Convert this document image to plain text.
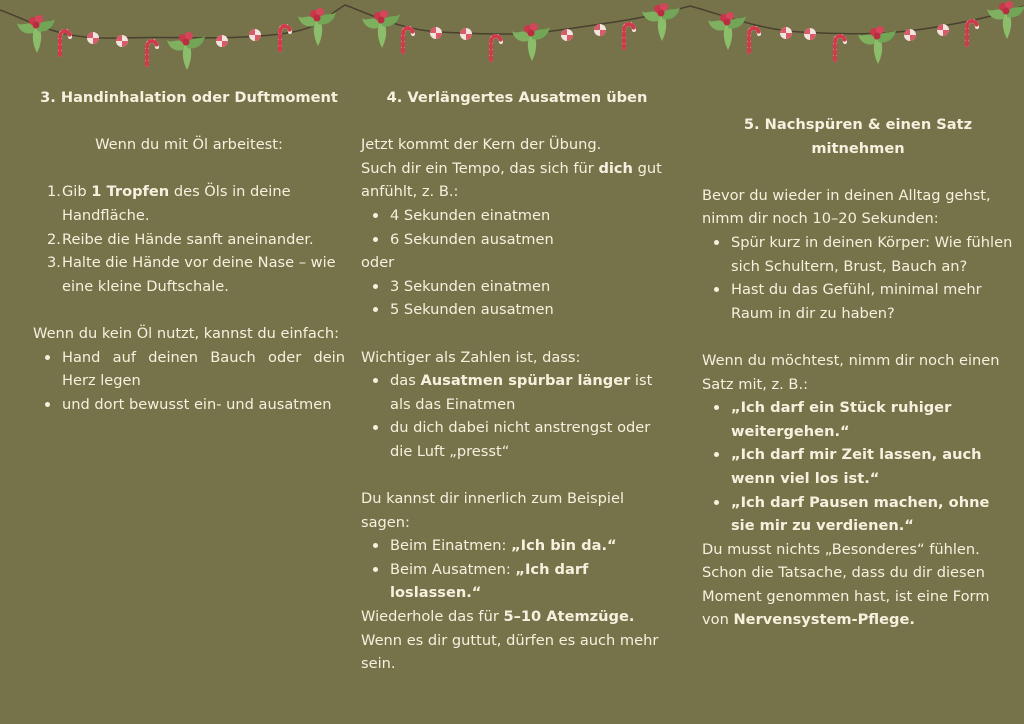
3. Handinhalation oder Duftmoment

Wenn du mit Öl arbeitest:

1. Gib 1 Tropfen des Öls in deine Handfläche.
2. Reibe die Hände sanft aneinander.
3. Halte die Hände vor deine Nase – wie eine kleine Duftschale.

Wenn du kein Öl nutzt, kannst du einfach:

Hand auf deinen Bauch oder dein Herz legen
und dort bewusst ein- und ausatmen

4. Verlängertes Ausatmen üben

Jetzt kommt der Kern der Übung.

Such dir ein Tempo, das sich für dich gut anfühlt, z. B.:

4 Sekunden einatmen
6 Sekunden ausatmen

oder

3 Sekunden einatmen
5 Sekunden ausatmen

Wichtiger als Zahlen ist, dass:

das Ausatmen spürbar länger ist als das Einatmen
du dich dabei nicht anstrengst oder die Luft „presst“

Du kannst dir innerlich zum Beispiel sagen:

Beim Einatmen: „Ich bin da.“
Beim Ausatmen: „Ich darf loslassen.“

Wiederhole das für 5–10 Atemzüge.

Wenn es dir guttut, dürfen es auch mehr sein.

5. Nachspüren & einen Satz mitnehmen

Bevor du wieder in deinen Alltag gehst, nimm dir noch 10–20 Sekunden:

Spür kurz in deinen Körper: Wie fühlen sich Schultern, Brust, Bauch an?
Hast du das Gefühl, minimal mehr Raum in dir zu haben?

Wenn du möchtest, nimm dir noch einen Satz mit, z. B.:

„Ich darf ein Stück ruhiger weitergehen.“
„Ich darf mir Zeit lassen, auch wenn viel los ist.“
„Ich darf Pausen machen, ohne sie mir zu verdienen.“

Du musst nichts „Besonderes“ fühlen. Schon die Tatsache, dass du dir diesen Moment genommen hast, ist eine Form von Nervensystem-Pflege.
